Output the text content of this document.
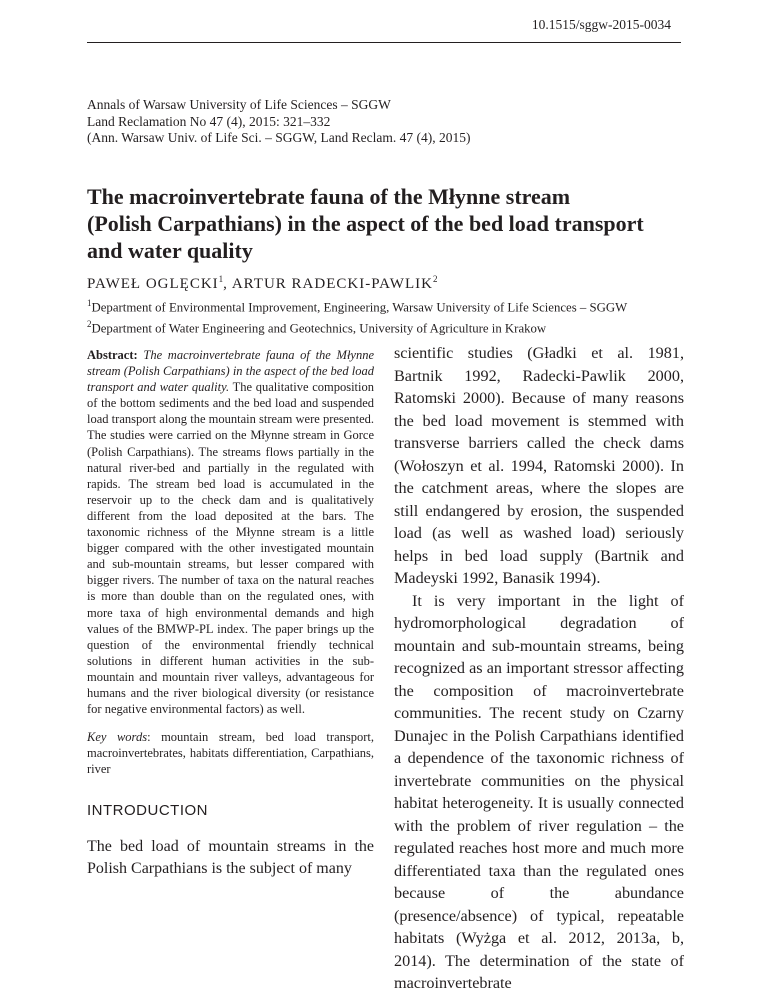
10.1515/sggw-2015-0034
Annals of Warsaw University of Life Sciences – SGGW
Land Reclamation No 47 (4), 2015: 321–332
(Ann. Warsaw Univ. of Life Sci. – SGGW, Land Reclam. 47 (4), 2015)
The macroinvertebrate fauna of the Młynne stream
(Polish Carpathians) in the aspect of the bed load transport
and water quality
PAWEŁ OGLĘCKI$^1$, ARTUR RADECKI-PAWLIK$^2$
$^1$Department of Environmental Improvement, Engineering, Warsaw University of Life Sciences – SGGW
$^2$Department of Water Engineering and Geotechnics, University of Agriculture in Krakow

Abstract: The macroinvertebrate fauna of the Młynne stream (Polish Carpathians) in the aspect of the bed load transport and water quality. The qualitative composition of the bottom sediments and the bed load and suspended load transport along the mountain stream were presented. The studies were carried on the Młynne stream in Gorce (Polish Carpathians). The streams flows partially in the natural river-bed and partially in the regulated with rapids. The stream bed load is accumulated in the reservoir up to the check dam and is qualitatively different from the load deposited at the bars. The taxonomic richness of the Młynne stream is a little bigger compared with the other investigated mountain and sub-mountain streams, but lesser compared with bigger rivers. The number of taxa on the natural reaches is more than double than on the regulated ones, with more taxa of high environmental demands and high values of the BMWP-PL index. The paper brings up the question of the environmental friendly technical solutions in different human activities in the sub-mountain and mountain river valleys, advantageous for humans and the river biological diversity (or resistance for negative environmental factors) as well.

Key words: mountain stream, bed load transport, macroinvertebrates, habitats differentiation, Carpathians, river

INTRODUCTION

The bed load of mountain streams in the Polish Carpathians is the subject of many

scientific studies (Gładki et al. 1981, Bartnik 1992, Radecki-Pawlik 2000, Ratomski 2000). Because of many reasons the bed load movement is stemmed with transverse barriers called the check dams (Wołoszyn et al. 1994, Ratomski 2000). In the catchment areas, where the slopes are still endangered by erosion, the suspended load (as well as washed load) seriously helps in bed load supply (Bartnik and Madeyski 1992, Banasik 1994).

It is very important in the light of hydromorphological degradation of mountain and sub-mountain streams, being recognized as an important stressor affecting the composition of macroinvertebrate communities. The recent study on Czarny Dunajec in the Polish Carpathians identified a dependence of the taxonomic richness of invertebrate communities on the physical habitat heterogeneity. It is usually connected with the problem of river regulation – the regulated reaches host more and much more differentiated taxa than the regulated ones because of the abundance (presence/absence) of typical, repeatable habitats (Wyżga et al. 2012, 2013a, b, 2014). The determination of the state of macroinvertebrate
